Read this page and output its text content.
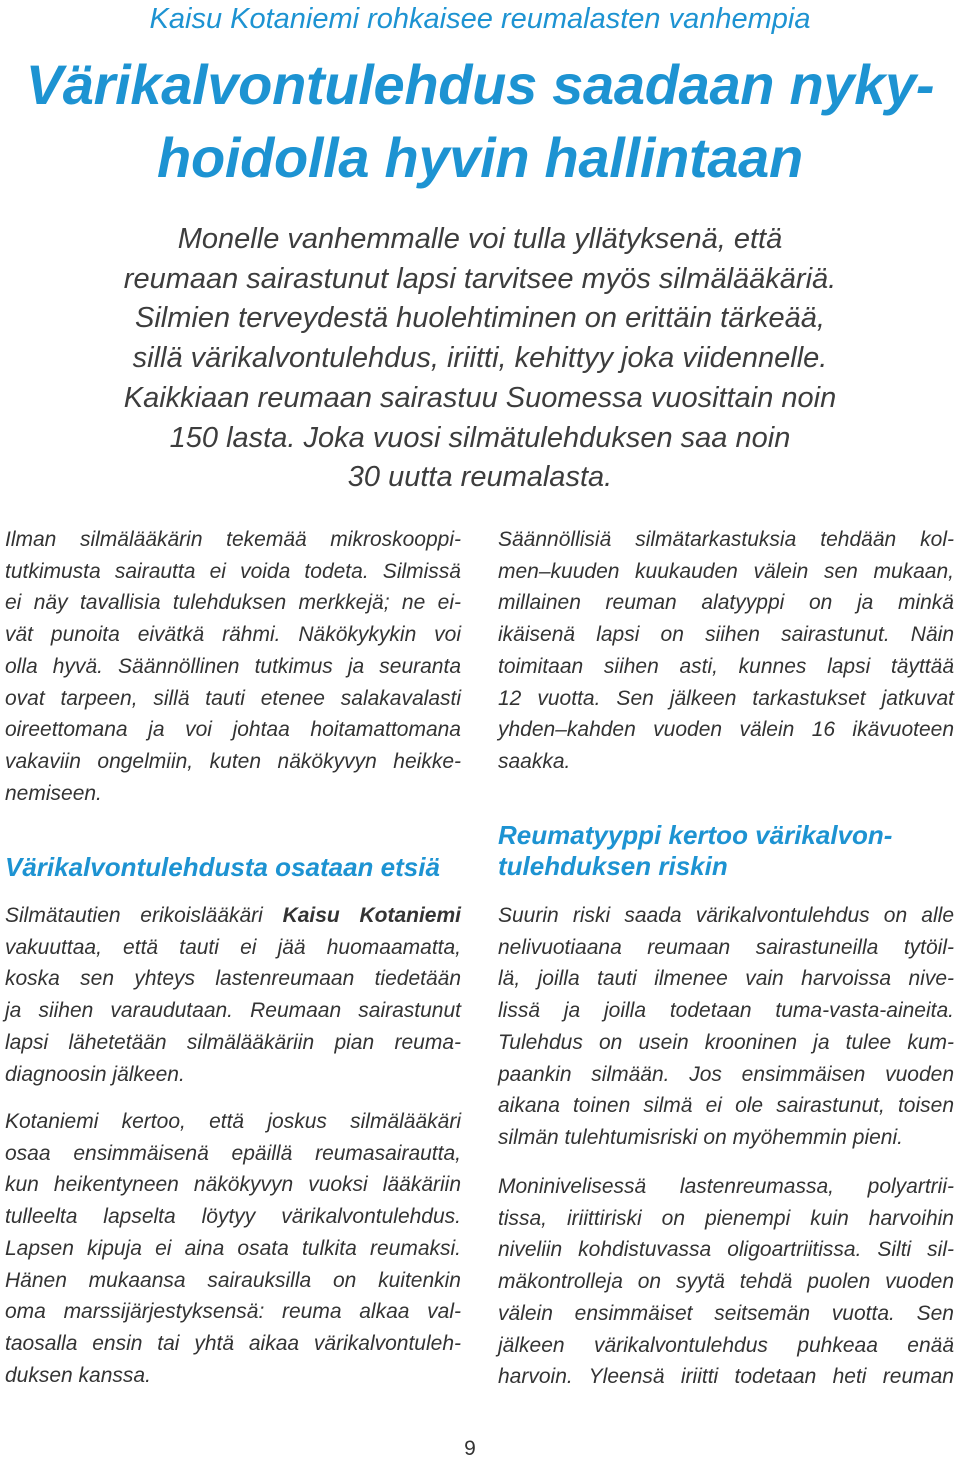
Kaisu Kotaniemi rohkaisee reumalasten vanhempia
Värikalvontulehdus saadaan nyky-
hoidolla hyvin hallintaan
Monelle vanhemmalle voi tulla yllätyksenä, että
reumaan sairastunut lapsi tarvitsee myös silmälääkäriä.
Silmien terveydestä huolehtiminen on erittäin tärkeää,
sillä värikalvontulehdus, iriitti, kehittyy joka viidennelle.
Kaikkiaan reumaan sairastuu Suomessa vuosittain noin
150 lasta. Joka vuosi silmätulehduksen saa noin
30 uutta reumalasta.
Ilman silmälääkärin tekemää mikroskooppi-
tutkimusta sairautta ei voida todeta. Silmissä
ei näy tavallisia tulehduksen merkkejä; ne ei-
vät punoita eivätkä rähmi. Näkökykykin voi
olla hyvä. Säännöllinen tutkimus ja seuranta
ovat tarpeen, sillä tauti etenee salakavalasti
oireettomana ja voi johtaa hoitamattomana
vakaviin ongelmiin, kuten näkökyvyn heikke-
nemiseen.
Värikalvontulehdusta osataan etsiä
Silmätautien erikoislääkäri Kaisu Kotaniemi
vakuuttaa, että tauti ei jää huomaamatta,
koska sen yhteys lastenreumaan tiedetään
ja siihen varaudutaan. Reumaan sairastunut
lapsi lähetetään silmälääkäriin pian reuma-
diagnoosin jälkeen.
Kotaniemi kertoo, että joskus silmälääkäri
osaa ensimmäisenä epäillä reumasairautta,
kun heikentyneen näkökyvyn vuoksi lääkäriin
tulleelta lapselta löytyy värikalvontulehdus.
Lapsen kipuja ei aina osata tulkita reumaksi.
Hänen mukaansa sairauksilla on kuitenkin
oma marssijärjestyksensä: reuma alkaa val-
taosalla ensin tai yhtä aikaa värikalvontuleh-
duksen kanssa.
Säännöllisiä silmätarkastuksia tehdään kol-
men–kuuden kuukauden välein sen mukaan,
millainen reuman alatyyppi on ja minkä
ikäisenä lapsi on siihen sairastunut. Näin
toimitaan siihen asti, kunnes lapsi täyttää
12 vuotta. Sen jälkeen tarkastukset jatkuvat
yhden–kahden vuoden välein 16 ikävuoteen
saakka.
Reumatyyppi kertoo värikalvon-
tulehduksen riskin
Suurin riski saada värikalvontulehdus on alle
nelivuotiaana reumaan sairastuneilla tytöil-
lä, joilla tauti ilmenee vain harvoissa nive-
lissä ja joilla todetaan tuma-vasta-aineita.
Tulehdus on usein krooninen ja tulee kum-
paankin silmään. Jos ensimmäisen vuoden
aikana toinen silmä ei ole sairastunut, toisen
silmän tulehtumisriski on myöhemmin pieni.
Moninivelisessä lastenreumassa, polyartrii-
tissa, iriittiriski on pienempi kuin harvoihin
niveliin kohdistuvassa oligoartriitissa. Silti sil-
mäkontrolleja on syytä tehdä puolen vuoden
välein ensimmäiset seitsemän vuotta. Sen
jälkeen värikalvontulehdus puhkeaa enää
harvoin. Yleensä iriitti todetaan heti reuman
9
